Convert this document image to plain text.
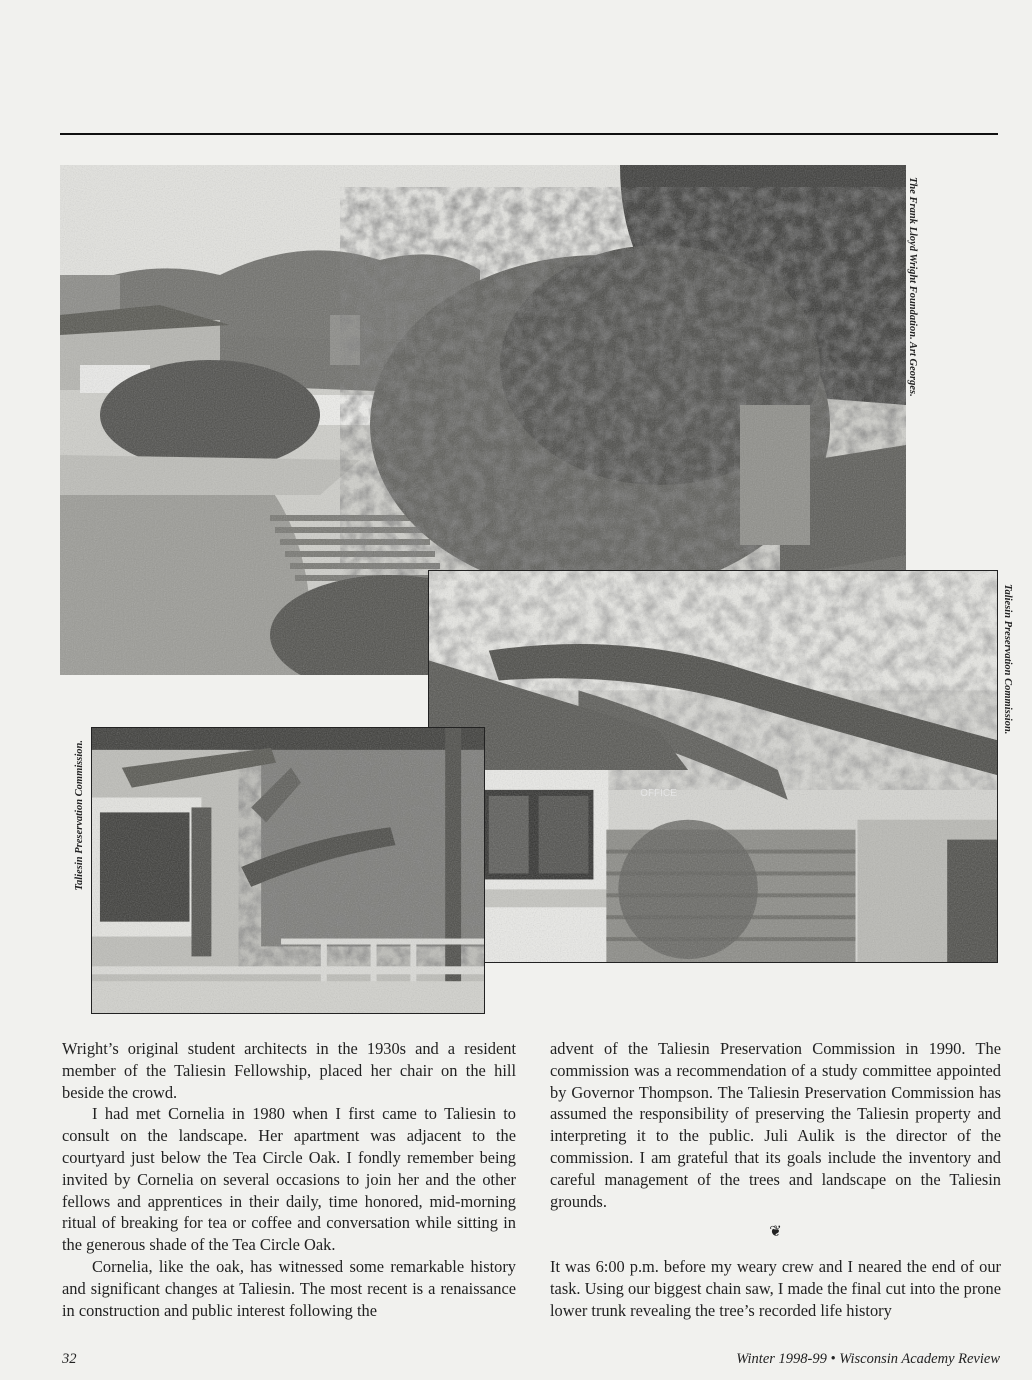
The Frank Lloyd Wright Foundation. Art Georges.
Taliesin Preservation Commission.
Taliesin Preservation Commission.

Wright’s original student architects in the 1930s and a resident member of the Taliesin Fellowship, placed her chair on the hill beside the crowd.

I had met Cornelia in 1980 when I first came to Taliesin to consult on the landscape. Her apartment was adjacent to the courtyard just below the Tea Circle Oak. I fondly remember being invited by Cornelia on several occasions to join her and the other fellows and apprentices in their daily, time honored, mid-morning ritual of breaking for tea or coffee and conversation while sitting in the generous shade of the Tea Circle Oak.

Cornelia, like the oak, has witnessed some remarkable history and significant changes at Taliesin. The most recent is a renaissance in construction and public interest following the

advent of the Taliesin Preservation Commission in 1990. The commission was a recommendation of a study committee appointed by Governor Thompson. The Taliesin Preservation Commission has assumed the responsibility of preserving the Taliesin property and interpreting it to the public. Juli Aulik is the director of the commission. I am grateful that its goals include the inventory and careful management of the trees and landscape on the Taliesin grounds.

❦

It was 6:00 p.m. before my weary crew and I neared the end of our task. Using our biggest chain saw, I made the final cut into the prone lower trunk revealing the tree’s recorded life history

32	Winter 1998-99 • Wisconsin Academy Review
